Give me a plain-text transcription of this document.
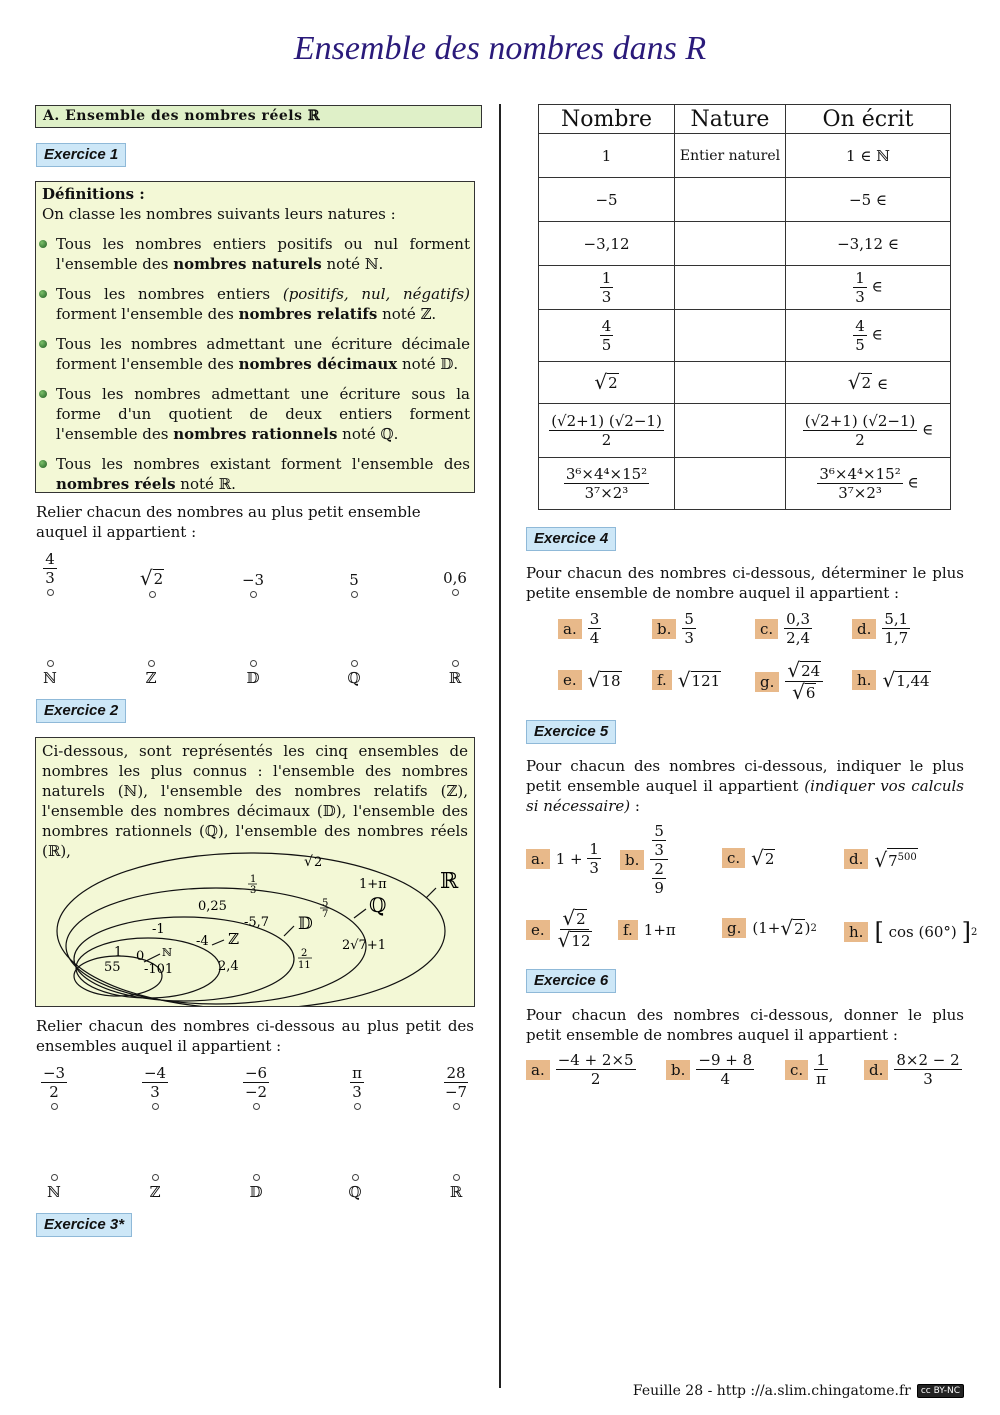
Ensemble des nombres dans R
A. Ensemble des nombres réels ℝ
Exercice 1
Définitions :
On classe les nombres suivants leurs natures :
Tous les nombres entiers positifs ou nul forment l'ensemble des nombres naturels noté ℕ.
Tous les nombres entiers (positifs, nul, négatifs) forment l'ensemble des nombres relatifs noté ℤ.
Tous les nombres admettant une écriture décimale forment l'ensemble des nombres décimaux noté 𝔻.
Tous les nombres admettant une écriture sous la forme d'un quotient de deux entiers forment l'ensemble des nombres rationnels noté ℚ.
Tous les nombres existant forment l'ensemble des nombres réels noté ℝ.
Relier chacun des nombres au plus petit ensemble auquel il appartient :
$\frac{4}{3}$	√ 2	−3	5	0,6
ℕ	ℤ	𝔻	ℚ	ℝ
Exercice 2
Ci-dessous, sont représentés les cinq ensembles de nombres les plus connus : l'ensemble des nombres naturels (ℕ), l'ensemble des nombres relatifs (ℤ), l'ensemble des nombres décimaux (𝔻), l'ensemble des nombres rationnels (ℚ), l'ensemble des nombres réels (ℝ),
ℝ
ℚ
𝔻
ℤ
ℕ
1 0
55 -101
-1
-4
0,25
-5,7
2,4
1
3
5
7
2
11
√ 2
1+π
2√7+1
Relier chacun des nombres ci-dessous au plus petit des ensembles auquel il appartient :
$\frac{-3}{2}$	$\frac{-4}{3}$	$\frac{-6}{-2}$	$\frac{\pi}{3}$	$\frac{28}{-7}$
ℕ	ℤ	𝔻	ℚ	ℝ
Exercice 3*
Nombre	Nature	On écrit
1	Entier naturel	1 ∈ ℕ
−5		−5 ∈
−3,12		−3,12 ∈

$\frac{1}{3}$		$\frac{1}{3}$ ∈

$\frac{4}{5}$		$\frac{4}{5}$ ∈

√ 2		√ 2 ∈

$\frac{(√2+1) (√2-1)}{2}$		$\frac{(√2+1) (√2-1)}{2}$ ∈

$\frac{\text{3⁶×4⁴×15²}}{\text{3⁷×2³}}$		$\frac{\text{3⁶×4⁴×15²}}{\text{3⁷×2³}}$ ∈
Exercice 4
Pour chacun des nombres ci-dessous, déterminer le plus petite ensemble de nombre auquel il appartient :
a. $\frac{3}{4}$	b. $\frac{5}{3}$	c. $\frac{0,3}{2,4}$	d. $\frac{5,1}{1,7}$
e. √ 18	f. √ 121	g. $\frac{√ 24}{√ 6}$	h. √ 1,44
Exercice 5
Pour chacun des nombres ci-dessous, indiquer le plus petit ensemble auquel il appartient (indiquer vos calculs si nécessaire) :
a. 1 +
$\frac{1}{3}$	b. $\frac{\frac{5}{3}}{\frac{2}{9}}$	c. √ 2	d. √ $7^{500}$
e. $\frac{√ 2}{√ 12}$	f. 1+π	g. (1+ √ 2 ) 2	h. [
cos (60°)
] 2
Exercice 6
Pour chacun des nombres ci-dessous, donner le plus petit ensemble de nombres auquel il appartient :
a. $\frac{-4 + 2\times 5}{2}$	b. $\frac{-9 + 8}{4}$	c. $\frac{1}{\pi}$	d. $\frac{8\times 2 - 2}{3}$
Feuille 28 - http ://a.slim.chingatome.fr	cc BY-NC
